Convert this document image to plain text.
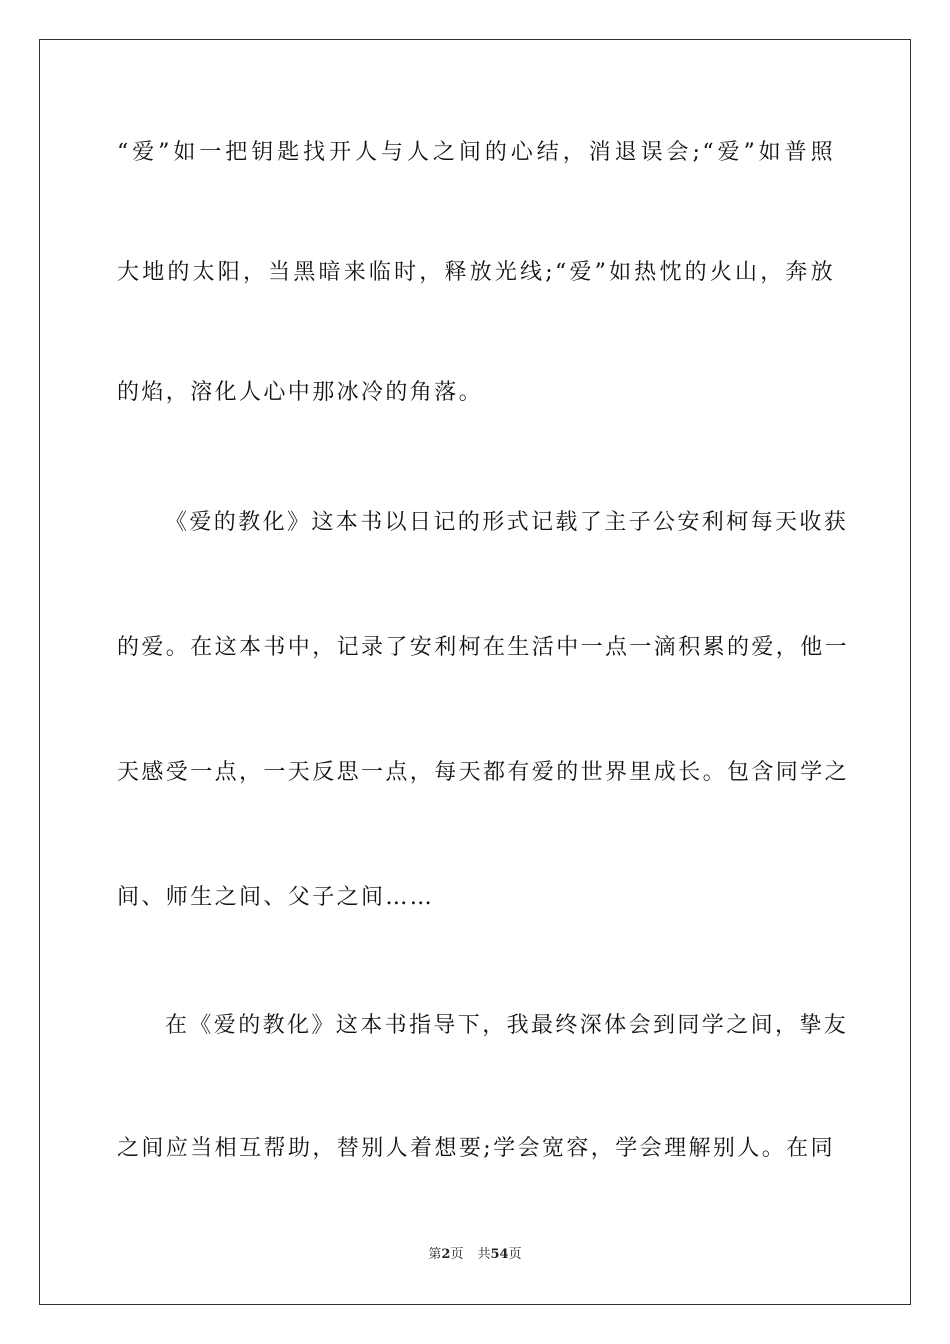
“爱”如一把钥匙找开人与人之间的心结，消退误会;“爱”如普照
大地的太阳，当黑暗来临时，释放光线;“爱”如热忱的火山，奔放
的焰，溶化人心中那冰冷的角落。
《爱的教化》这本书以日记的形式记载了主子公安利柯每天收获
的爱。在这本书中，记录了安利柯在生活中一点一滴积累的爱，他一
天感受一点，一天反思一点，每天都有爱的世界里成长。包含同学之
间、师生之间、父子之间……
在《爱的教化》这本书指导下，我最终深体会到同学之间，挚友
之间应当相互帮助，替别人着想要;学会宽容，学会理解别人。在同
第2页 共54页
